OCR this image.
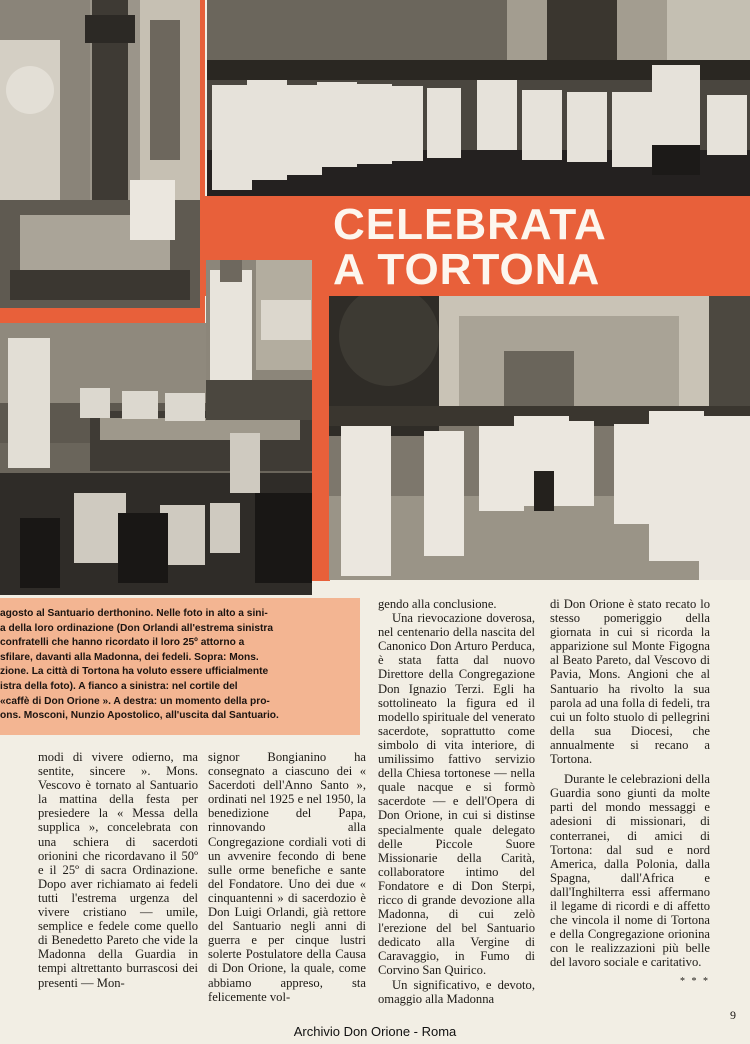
CELEBRATA
A TORTONA

agosto al Santuario derthonino. Nelle foto in alto a sini-

a della loro ordinazione (Don Orlandi all'estrema sinistra

confratelli che hanno ricordato il loro 25º attorno a

sfilare, davanti alla Madonna, dei fedeli. Sopra: Mons.

zione. La città di Tortona ha voluto essere ufficialmente

istra della foto). A fianco a sinistra: nel cortile del

«caffè di Don Orione ». A destra: un momento della pro-

ons. Mosconi, Nunzio Apostolico, all'uscita dal Santuario.

modi di vivere odierno, ma sentite, sincere ». Mons. Vescovo è tornato al Santuario la mattina della festa per presiedere la « Messa della supplica », concelebrata con una schiera di sacerdoti orionini che ricordavano il 50º e il 25º di sacra Ordinazione. Dopo aver richiamato ai fedeli tutti l'estrema urgenza del vivere cristiano — umile, semplice e fedele come quello di Benedetto Pareto che vide la Madonna della Guardia in tempi altrettanto burrascosi dei presenti — Mon-

signor Bongianino ha consegnato a ciascuno dei « Sacerdoti dell'Anno Santo », ordinati nel 1925 e nel 1950, la benedizione del Papa, rinnovando alla Congregazione cordiali voti di un avvenire fecondo di bene sulle orme benefiche e sante del Fondatore. Uno dei due « cinquantenni » di sacerdozio è Don Luigi Orlandi, già rettore del Santuario negli anni di guerra e per cinque lustri solerte Postulatore della Causa di Don Orione, la quale, come abbiamo appreso, sta felicemente vol-

gendo alla conclusione.

Una rievocazione doverosa, nel centenario della nascita del Canonico Don Arturo Perduca, è stata fatta dal nuovo Direttore della Congregazione Don Ignazio Terzi. Egli ha sottolineato la figura ed il modello spirituale del venerato sacerdote, soprattutto come simbolo di vita interiore, di umilissimo fattivo servizio della Chiesa tortonese — nella quale nacque e si formò sacerdote — e dell'Opera di Don Orione, in cui si distinse specialmente quale delegato delle Piccole Suore Missionarie della Carità, collaboratore intimo del Fondatore e di Don Sterpi, ricco di grande devozione alla Madonna, di cui zelò l'erezione del bel Santuario dedicato alla Vergine di Caravaggio, in Fumo di Corvino San Quirico.

Un significativo, e devoto, omaggio alla Madonna

di Don Orione è stato recato lo stesso pomeriggio della giornata in cui si ricorda la apparizione sul Monte Figogna al Beato Pareto, dal Vescovo di Pavia, Mons. Angioni che al Santuario ha rivolto la sua parola ad una folla di fedeli, tra cui un folto stuolo di pellegrini della sua Diocesi, che annualmente si recano a Tortona.

Durante le celebrazioni della Guardia sono giunti da molte parti del mondo messaggi e adesioni di missionari, di conterranei, di amici di Tortona: dal sud e nord America, dalla Polonia, dalla Spagna, dall'Africa e dall'Inghilterra essi affermano il legame di ricordi e di affetto che vincola il nome di Tortona e della Congregazione orionina con le realizzazioni più belle del lavoro sociale e caritativo.

* * *
9
Archivio Don Orione - Roma
